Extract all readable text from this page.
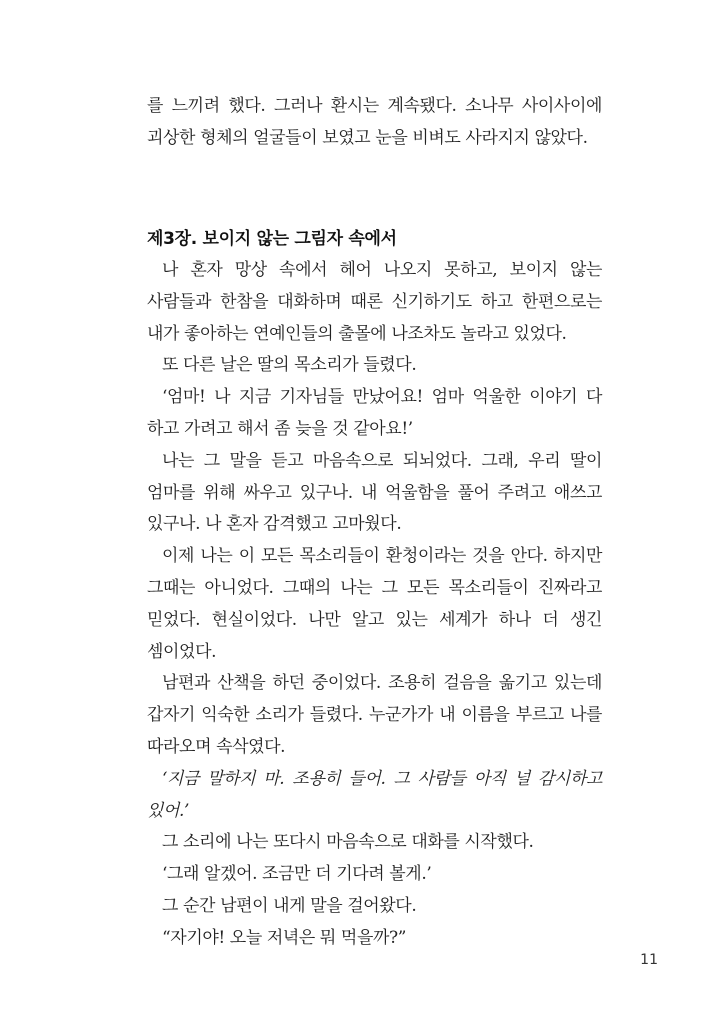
를 느끼려 했다. 그러나 환시는 계속됐다. 소나무 사이사이에 괴상한 형체의 얼굴들이 보였고 눈을 비벼도 사라지지 않았다.

제3장. 보이지 않는 그림자 속에서

나 혼자 망상 속에서 헤어 나오지 못하고, 보이지 않는 사람들과 한참을 대화하며 때론 신기하기도 하고 한편으로는 내가 좋아하는 연예인들의 출몰에 나조차도 놀라고 있었다.

또 다른 날은 딸의 목소리가 들렸다.

‘엄마! 나 지금 기자님들 만났어요! 엄마 억울한 이야기 다 하고 가려고 해서 좀 늦을 것 같아요!’

나는 그 말을 듣고 마음속으로 되뇌었다. 그래, 우리 딸이 엄마를 위해 싸우고 있구나. 내 억울함을 풀어 주려고 애쓰고 있구나. 나 혼자 감격했고 고마웠다.

이제 나는 이 모든 목소리들이 환청이라는 것을 안다. 하지만 그때는 아니었다. 그때의 나는 그 모든 목소리들이 진짜라고 믿었다. 현실이었다. 나만 알고 있는 세계가 하나 더 생긴 셈이었다.

남편과 산책을 하던 중이었다. 조용히 걸음을 옮기고 있는데 갑자기 익숙한 소리가 들렸다. 누군가가 내 이름을 부르고 나를 따라오며 속삭였다.

‘지금 말하지 마. 조용히 들어. 그 사람들 아직 널 감시하고 있어.’

그 소리에 나는 또다시 마음속으로 대화를 시작했다.

‘그래 알겠어. 조금만 더 기다려 볼게.’

그 순간 남편이 내게 말을 걸어왔다.

“자기야! 오늘 저녁은 뭐 먹을까?”

11
